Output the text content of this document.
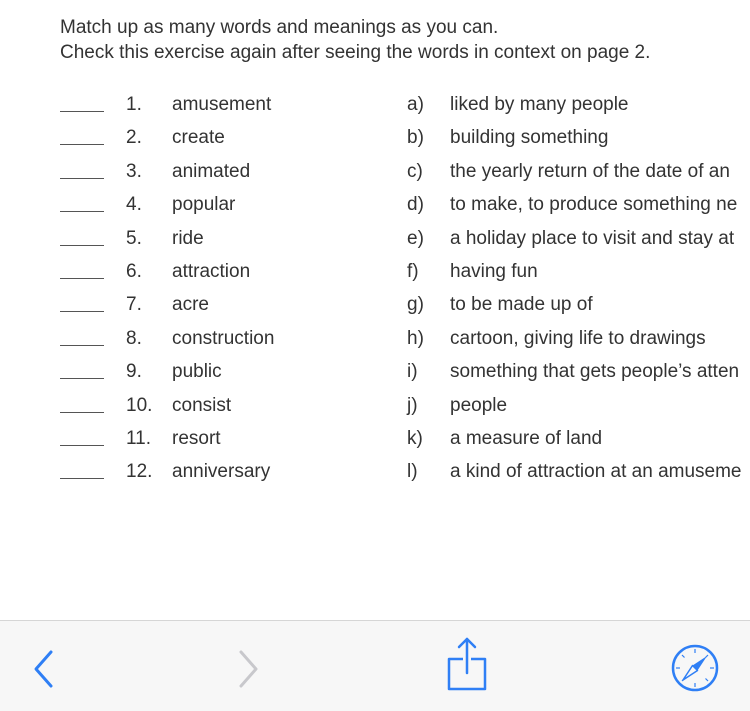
Match up as many words and meanings as you can.
Check this exercise again after seeing the words in context on page 2.
1. amusement	a) liked by many people
2. create	b) building something
3. animated	c) the yearly return of the date of an
4. popular	d) to make, to produce something ne
5. ride	e) a holiday place to visit and stay at
6. attraction	f) having fun
7. acre	g) to be made up of
8. construction	h) cartoon, giving life to drawings
9. public	i) something that gets people’s atten
10. consist	j) people
11. resort	k) a measure of land
12. anniversary	l) a kind of attraction at an amuseme
